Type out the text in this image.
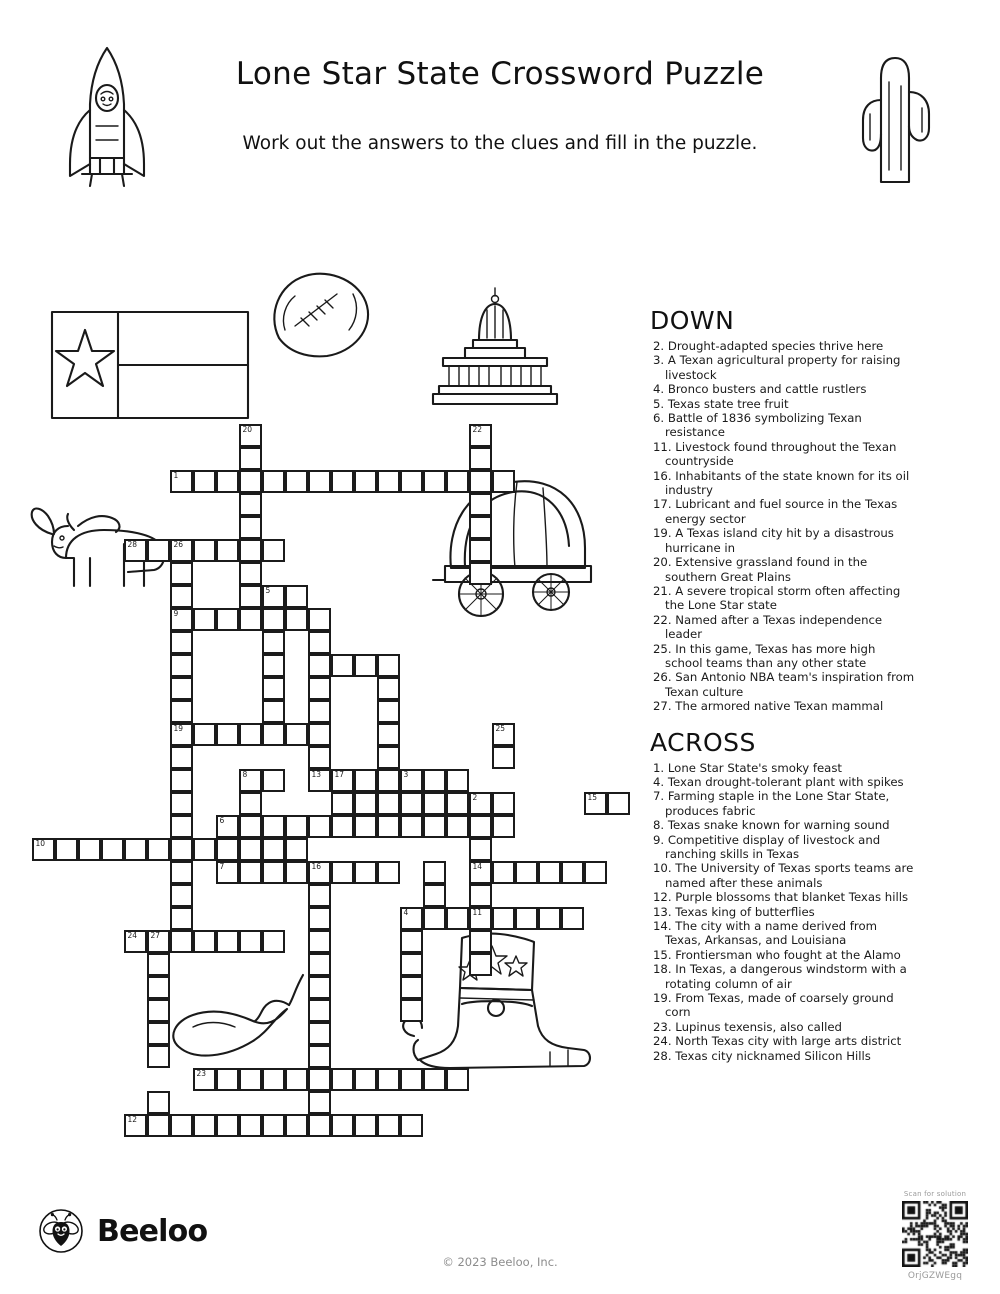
Lone Star State Crossword Puzzle
Work out the answers to the clues and fill in the puzzle.
20	22
1
28	26
5
9
19	25
8	13 17	3
2	15
6
10
7	16	14
4	11
24 27
23
12
DOWN
2. Drought-adapted species thrive here
3. A Texan agricultural property for raising livestock
4. Bronco busters and cattle rustlers
5. Texas state tree fruit
6. Battle of 1836 symbolizing Texan resistance
11. Livestock found throughout the Texan countryside
16. Inhabitants of the state known for its oil industry
17. Lubricant and fuel source in the Texas energy sector
19. A Texas island city hit by a disastrous hurricane in
20. Extensive grassland found in the southern Great Plains
21. A severe tropical storm often affecting the Lone Star state
22. Named after a Texas independence leader
25. In this game, Texas has more high school teams than any other state
26. San Antonio NBA team's inspiration from Texan culture
27. The armored native Texan mammal
ACROSS
1. Lone Star State's smoky feast
4. Texan drought-tolerant plant with spikes
7. Farming staple in the Lone Star State, produces fabric
8. Texas snake known for warning sound
9. Competitive display of livestock and ranching skills in Texas
10. The University of Texas sports teams are named after these animals
12. Purple blossoms that blanket Texas hills
13. Texas king of butterflies
14. The city with a name derived from Texas, Arkansas, and Louisiana
15. Frontiersman who fought at the Alamo
18. In Texas, a dangerous windstorm with a rotating column of air
19. From Texas, made of coarsely ground corn
23. Lupinus texensis, also called
24. North Texas city with large arts district
28. Texas city nicknamed Silicon Hills
Beeloo
© 2023 Beeloo, Inc.
Scan for solution
OrjGZWEgq
